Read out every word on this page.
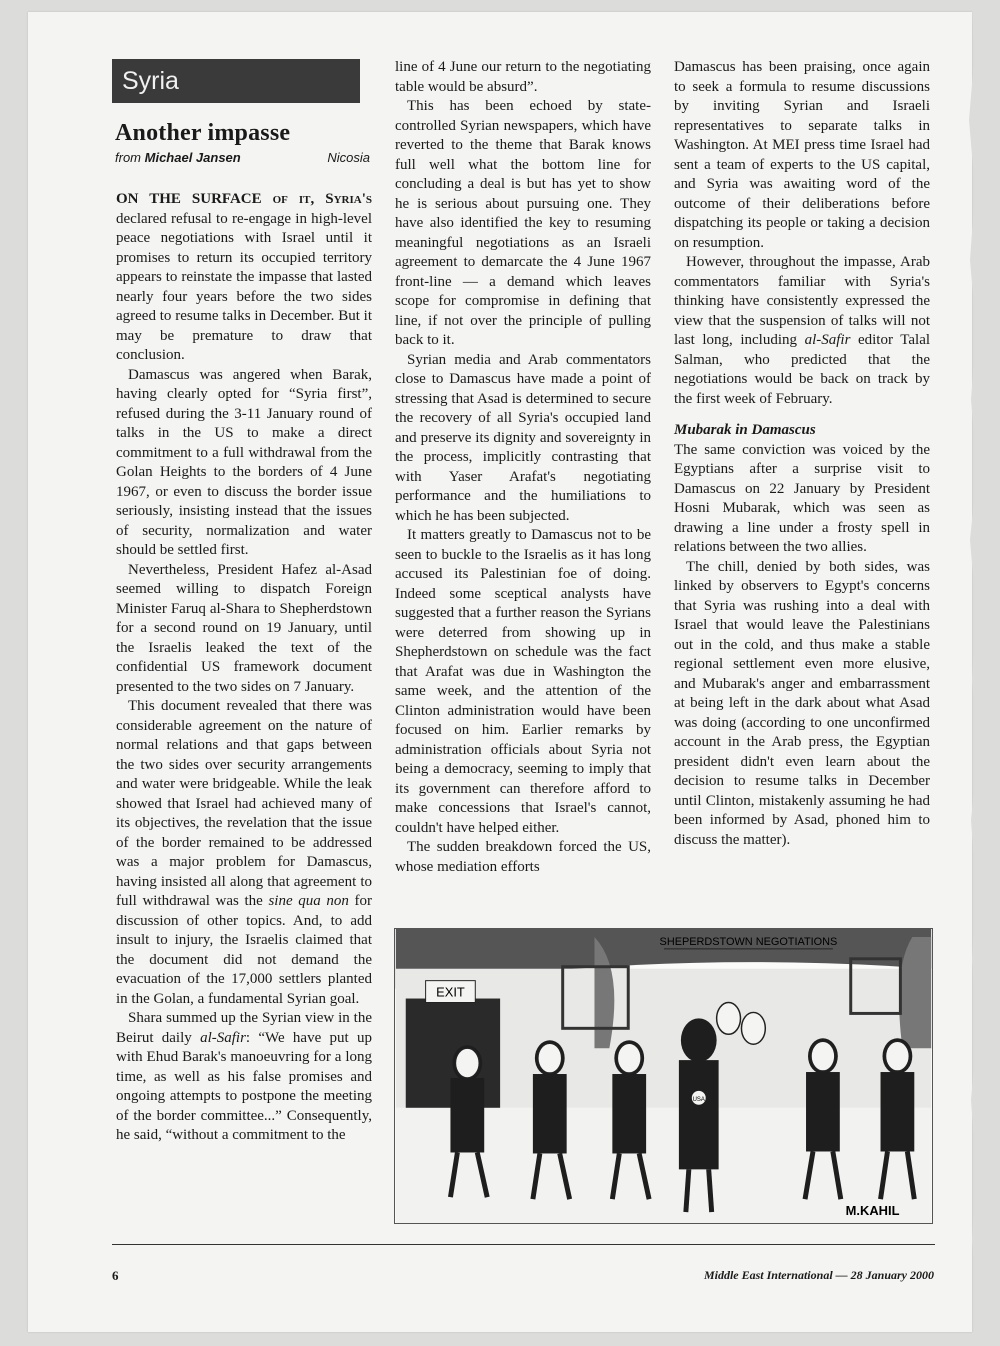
Syria
Another impasse
from Michael Jansen	Nicosia

ON THE SURFACE of it, Syria's declared refusal to re-engage in high-level peace negotiations with Israel until it promises to return its occupied territory appears to reinstate the impasse that lasted nearly four years before the two sides agreed to resume talks in December. But it may be premature to draw that conclusion.

Damascus was angered when Barak, having clearly opted for “Syria first”, refused during the 3-11 January round of talks in the US to make a direct commitment to a full withdrawal from the Golan Heights to the borders of 4 June 1967, or even to discuss the border issue seriously, insisting instead that the issues of security, normalization and water should be settled first.

Nevertheless, President Hafez al-Asad seemed willing to dispatch Foreign Minister Faruq al-Shara to Shepherdstown for a second round on 19 January, until the Israelis leaked the text of the confidential US framework document presented to the two sides on 7 January.

This document revealed that there was considerable agreement on the nature of normal relations and that gaps between the two sides over security arrangements and water were bridgeable. While the leak showed that Israel had achieved many of its objectives, the revelation that the issue of the border remained to be addressed was a major problem for Damascus, having insisted all along that agreement to full withdrawal was the sine qua non for discussion of other topics. And, to add insult to injury, the Israelis claimed that the document did not demand the evacuation of the 17,000 settlers planted in the Golan, a fundamental Syrian goal.

Shara summed up the Syrian view in the Beirut daily al-Safir: “We have put up with Ehud Barak's manoeuvring for a long time, as well as his false promises and ongoing attempts to postpone the meeting of the border committee...” Consequently, he said, “without a commitment to the

line of 4 June our return to the negotiating table would be absurd”.

This has been echoed by state-controlled Syrian newspapers, which have reverted to the theme that Barak knows full well what the bottom line for concluding a deal is but has yet to show he is serious about pursuing one. They have also identified the key to resuming meaningful negotiations as an Israeli agreement to demarcate the 4 June 1967 front-line — a demand which leaves scope for compromise in defining that line, if not over the principle of pulling back to it.

Syrian media and Arab commentators close to Damascus have made a point of stressing that Asad is determined to secure the recovery of all Syria's occupied land and preserve its dignity and sovereignty in the process, implicitly contrasting that with Yaser Arafat's negotiating performance and the humiliations to which he has been subjected.

It matters greatly to Damascus not to be seen to buckle to the Israelis as it has long accused its Palestinian foe of doing. Indeed some sceptical analysts have suggested that a further reason the Syrians were deterred from showing up in Shepherdstown on schedule was the fact that Arafat was due in Washington the same week, and the attention of the Clinton administration would have been focused on him. Earlier remarks by administration officials about Syria not being a democracy, seeming to imply that its government can therefore afford to make concessions that Israel's cannot, couldn't have helped either.

The sudden breakdown forced the US, whose mediation efforts

Damascus has been praising, once again to seek a formula to resume discussions by inviting Syrian and Israeli representatives to separate talks in Washington. At MEI press time Israel had sent a team of experts to the US capital, and Syria was awaiting word of the outcome of their deliberations before dispatching its people or taking a decision on resumption.

However, throughout the impasse, Arab commentators familiar with Syria's thinking have consistently expressed the view that the suspension of talks will not last long, including al-Safir editor Talal Salman, who predicted that the negotiations would be back on track by the first week of February.

Mubarak in Damascus

The same conviction was voiced by the Egyptians after a surprise visit to Damascus on 22 January by President Hosni Mubarak, which was seen as drawing a line under a frosty spell in relations between the two allies.

The chill, denied by both sides, was linked by observers to Egypt's concerns that Syria was rushing into a deal with Israel that would leave the Palestinians out in the cold, and thus make a stable regional settlement even more elusive, and Mubarak's anger and embarrassment at being left in the dark about what Asad was doing (according to one unconfirmed account in the Arab press, the Egyptian president didn't even learn about the decision to resume talks in December until Clinton, mistakenly assuming he had been informed by Asad, phoned him to discuss the matter).

SHEPERDSTOWN NEGOTIATIONS
EXIT
USA
M.KAHIL
6	Middle East International — 28 January 2000
